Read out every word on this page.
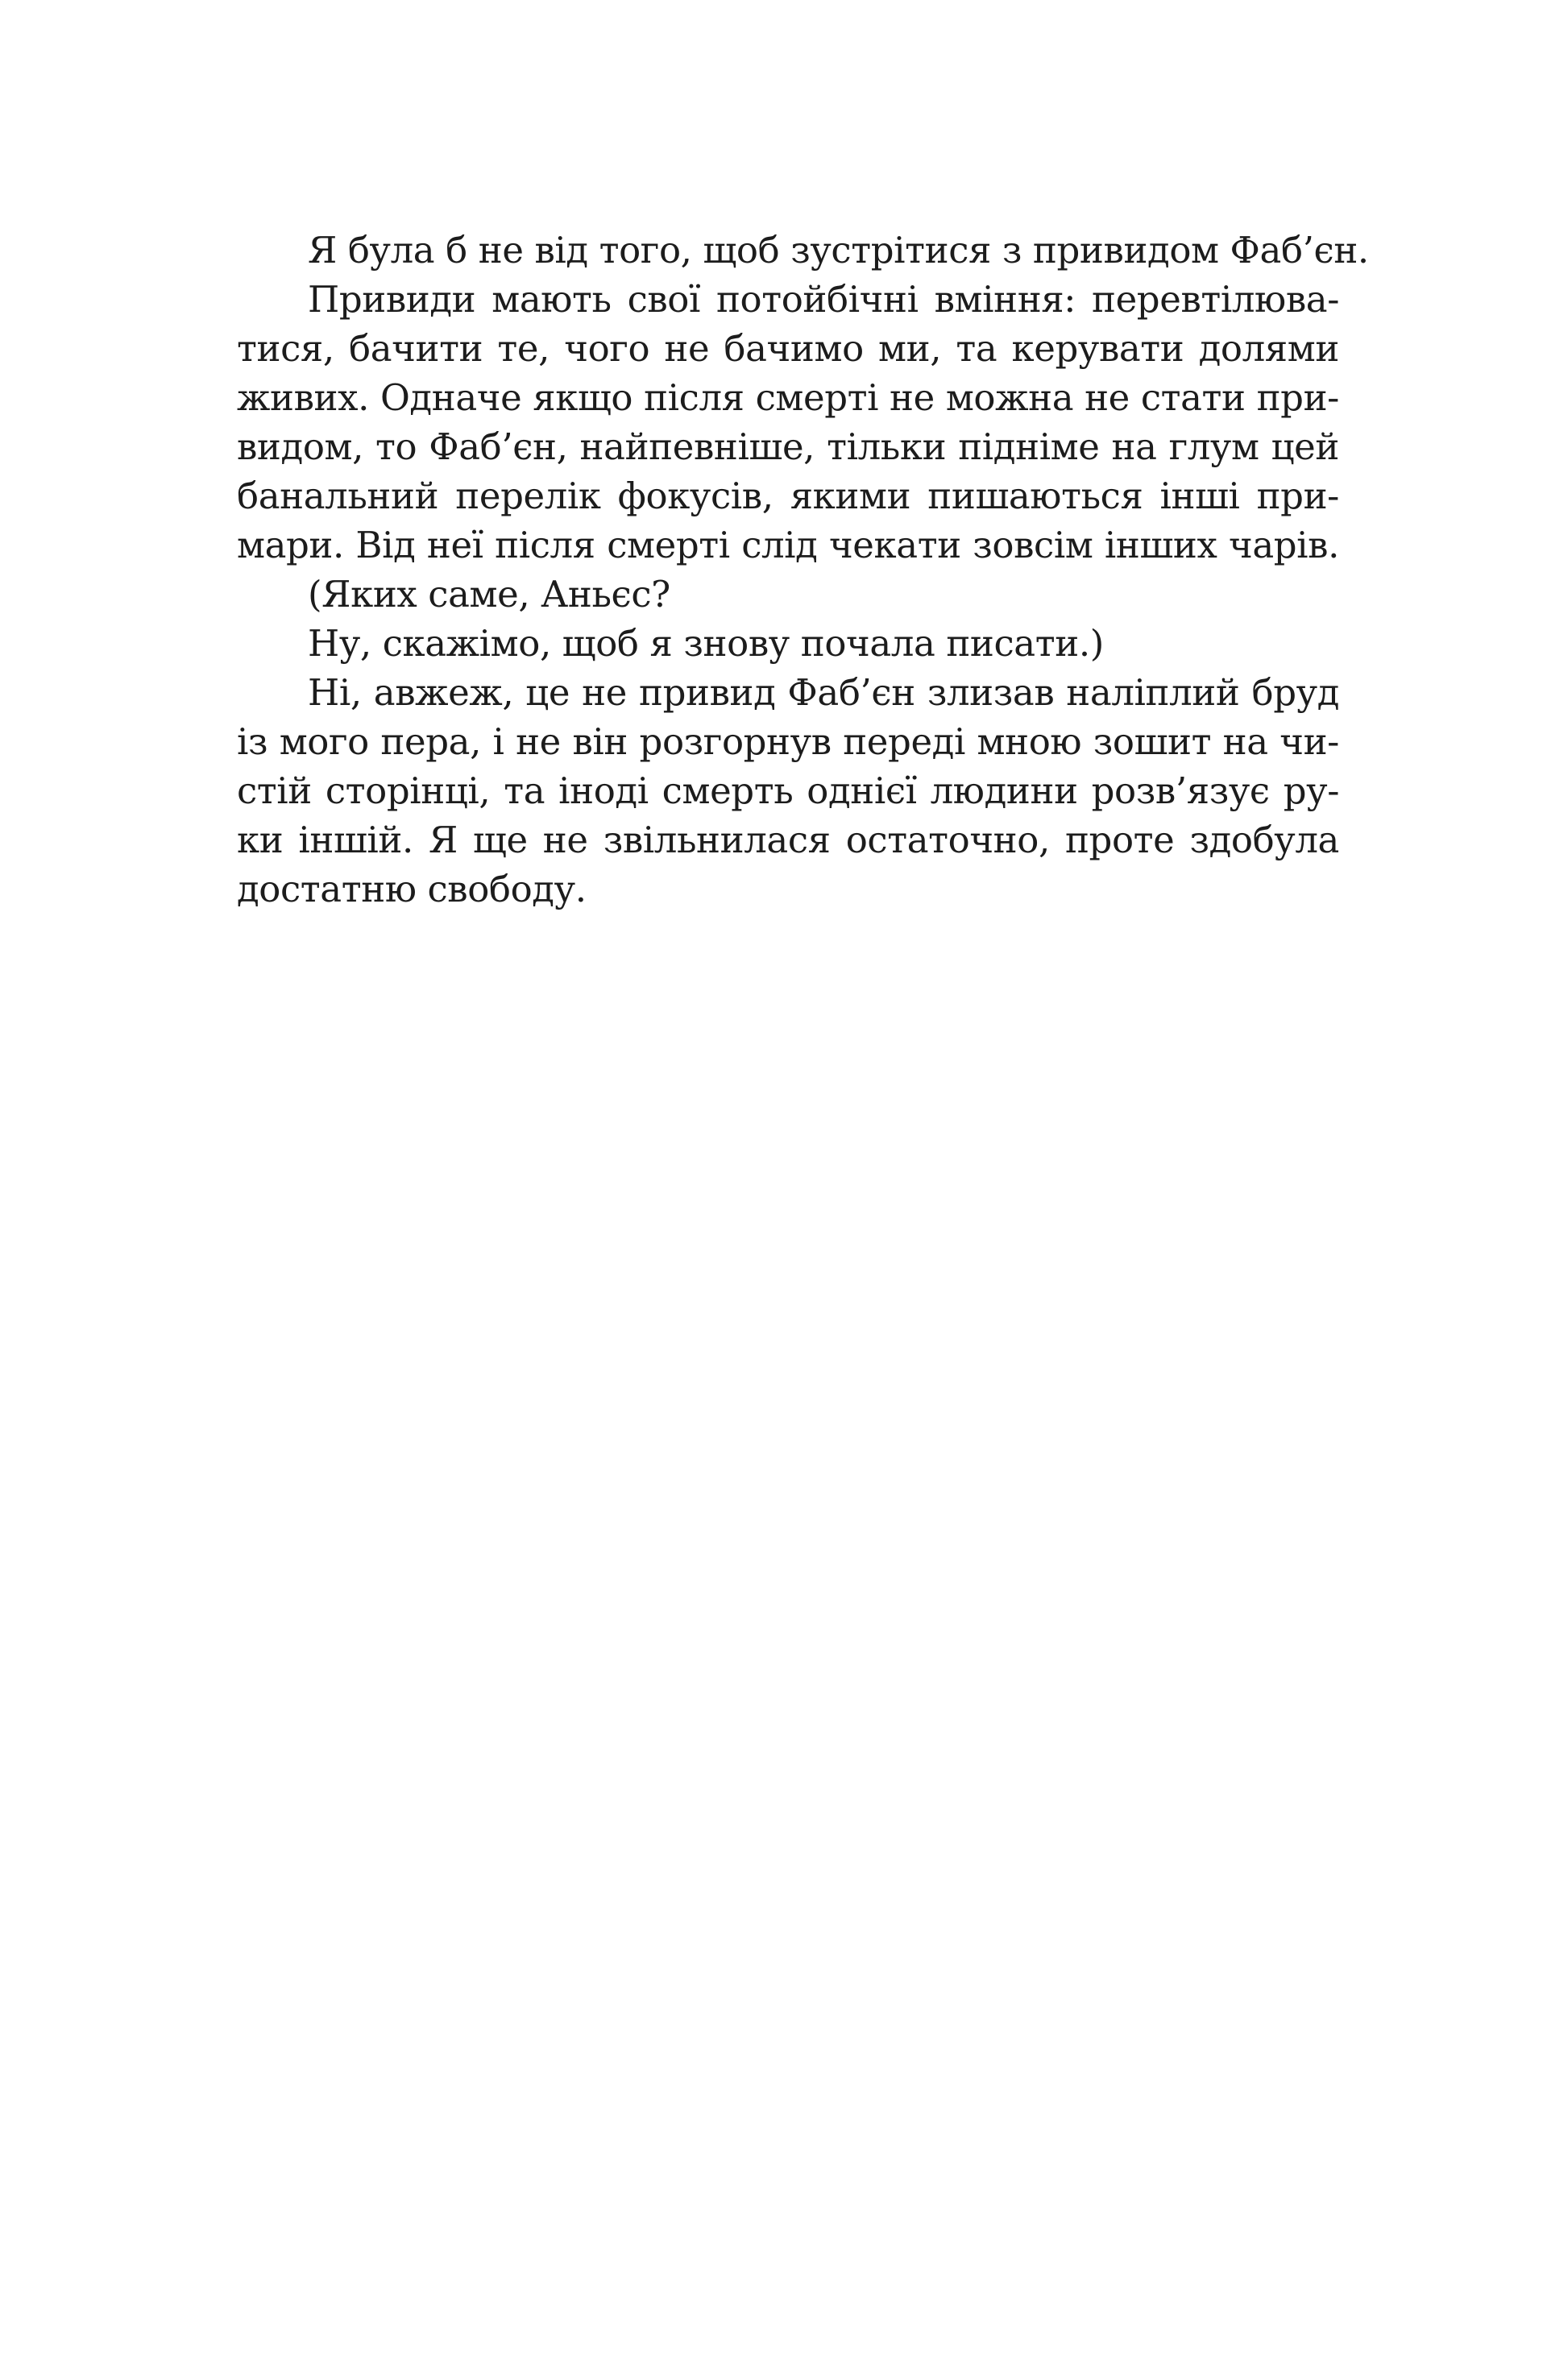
Я була б не від того, щоб зустрітися з привидом Фаб’єн.
Привиди мають свої потойбічні вміння: перевтілюва-
тися, бачити те, чого не бачимо ми, та керувати долями
живих. Одначе якщо після смерті не можна не стати при-
видом, то Фаб’єн, найпевніше, тільки підніме на глум цей
банальний перелік фокусів, якими пишаються інші при-
мари. Від неї після смерті слід чекати зовсім інших чарів.
(Яких саме, Аньєс?
Ну, скажімо, щоб я знову почала писати.)
Ні, авжеж, це не привид Фаб’єн злизав наліплий бруд
із мого пера, і не він розгорнув переді мною зошит на чи-
стій сторінці, та іноді смерть однієї людини розв’язує ру-
ки іншій. Я ще не звільнилася остаточно, проте здобула
достатню свободу.
